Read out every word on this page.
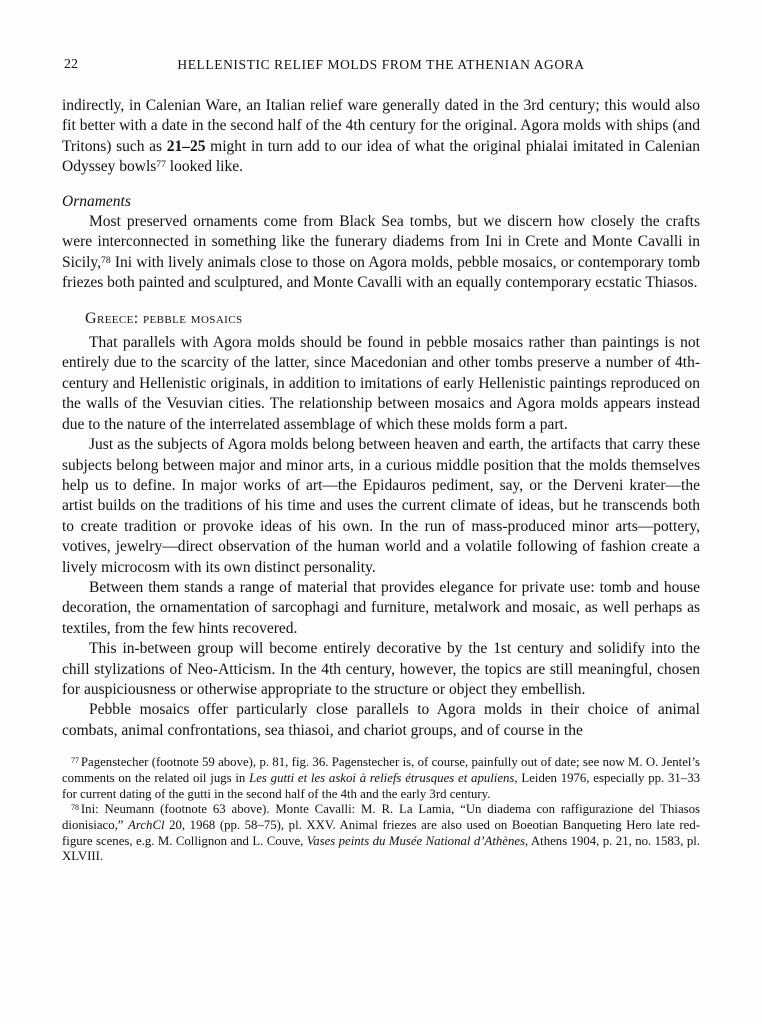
22	HELLENISTIC RELIEF MOLDS FROM THE ATHENIAN AGORA

indirectly, in Calenian Ware, an Italian relief ware generally dated in the 3rd century; this would also fit better with a date in the second half of the 4th century for the original. Agora molds with ships (and Tritons) such as 21–25 might in turn add to our idea of what the original phialai imitated in Calenian Odyssey bowls$^{77}$ looked like.

Ornaments

Most preserved ornaments come from Black Sea tombs, but we discern how closely the crafts were interconnected in something like the funerary diadems from Ini in Crete and Monte Cavalli in Sicily,$^{78}$ Ini with lively animals close to those on Agora molds, pebble mosaics, or contemporary tomb friezes both painted and sculptured, and Monte Cavalli with an equally contemporary ecstatic Thiasos.

Greece: pebble mosaics

That parallels with Agora molds should be found in pebble mosaics rather than paintings is not entirely due to the scarcity of the latter, since Macedonian and other tombs preserve a number of 4th-century and Hellenistic originals, in addition to imitations of early Hellenistic paintings reproduced on the walls of the Vesuvian cities. The relationship between mosaics and Agora molds appears instead due to the nature of the interrelated assemblage of which these molds form a part.

Just as the subjects of Agora molds belong between heaven and earth, the artifacts that carry these subjects belong between major and minor arts, in a curious middle position that the molds themselves help us to define. In major works of art—the Epidauros pediment, say, or the Derveni krater—the artist builds on the traditions of his time and uses the current climate of ideas, but he transcends both to create tradition or provoke ideas of his own. In the run of mass-produced minor arts—pottery, votives, jewelry—direct observation of the human world and a volatile following of fashion create a lively microcosm with its own distinct personality.

Between them stands a range of material that provides elegance for private use: tomb and house decoration, the ornamentation of sarcophagi and furniture, metalwork and mosaic, as well perhaps as textiles, from the few hints recovered.

This in-between group will become entirely decorative by the 1st century and solidify into the chill stylizations of Neo-Atticism. In the 4th century, however, the topics are still meaningful, chosen for auspiciousness or otherwise appropriate to the structure or object they embellish.

Pebble mosaics offer particularly close parallels to Agora molds in their choice of animal combats, animal confrontations, sea thiasoi, and chariot groups, and of course in the

$^{77}$ Pagenstecher (footnote 59 above), p. 81, fig. 36. Pagenstecher is, of course, painfully out of date; see now M. O. Jentel’s comments on the related oil jugs in Les gutti et les askoi à reliefs étrusques et apuliens, Leiden 1976, especially pp. 31–33 for current dating of the gutti in the second half of the 4th and the early 3rd century.

$^{78}$ Ini: Neumann (footnote 63 above). Monte Cavalli: M. R. La Lamia, “Un diadema con raffigurazione del Thiasos dionisiaco,” ArchCl 20, 1968 (pp. 58–75), pl. XXV. Animal friezes are also used on Boeotian Banqueting Hero late red-figure scenes, e.g. M. Collignon and L. Couve, Vases peints du Musée National d’Athènes, Athens 1904, p. 21, no. 1583, pl. XLVIII.
